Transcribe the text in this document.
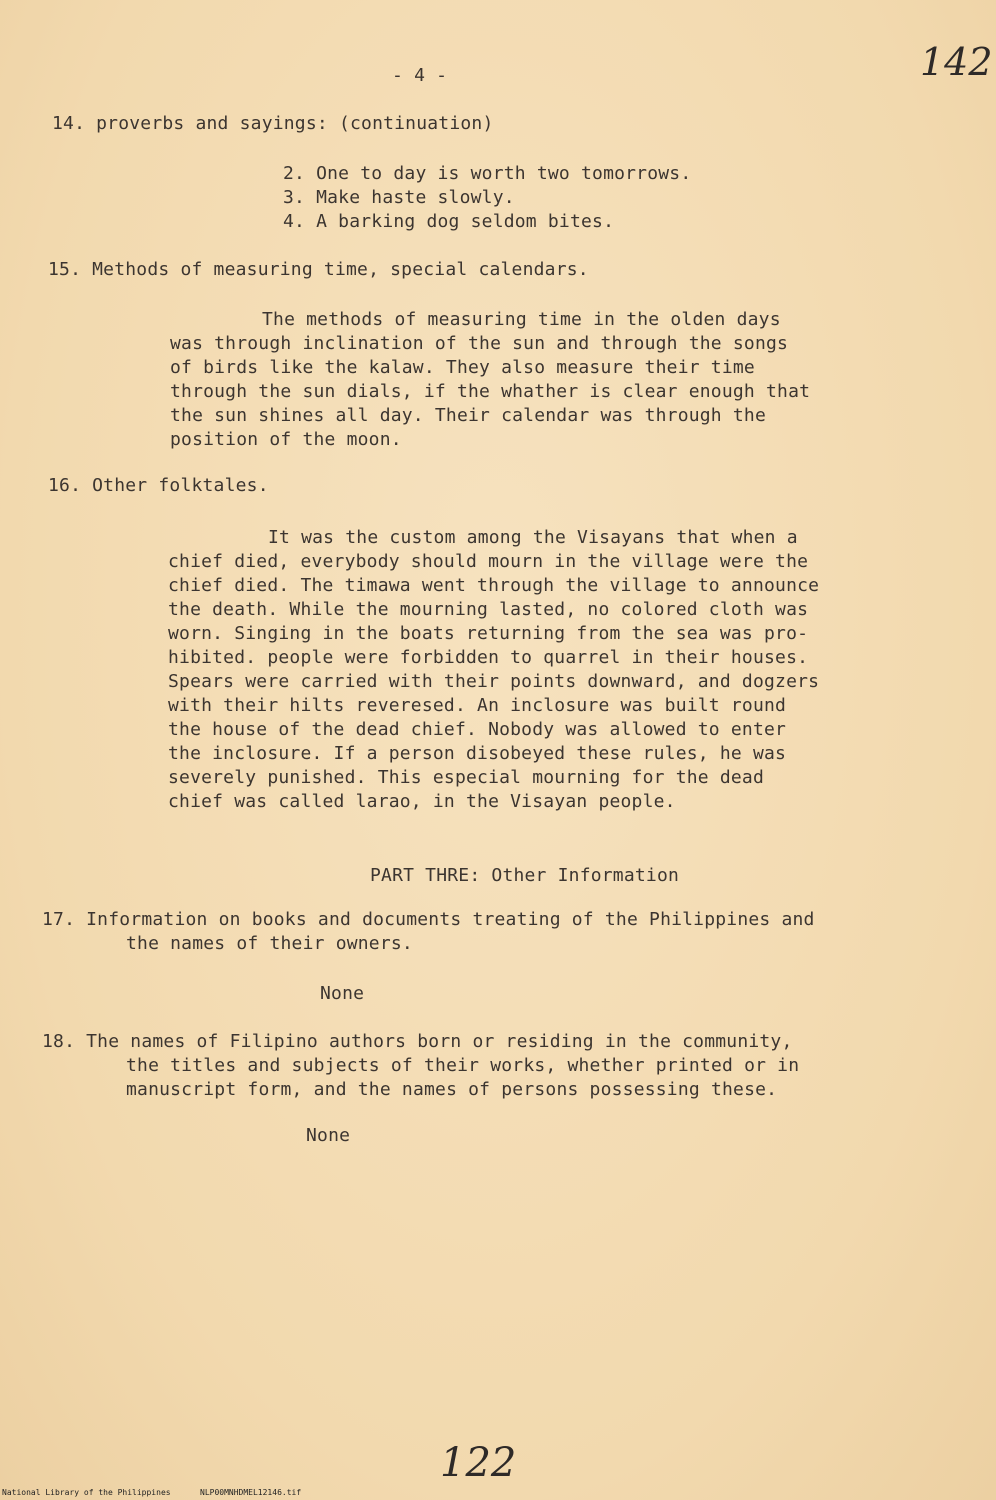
- 4 -	142
14. proverbs and sayings: (continuation)
2. One to day is worth two tomorrows.
3. Make haste slowly.
4. A barking dog seldom bites.
15. Methods of measuring time, special calendars.
The methods of measuring time in the olden days
was through inclination of the sun and through the songs
of birds like the kalaw. They also measure their time
through the sun dials, if the whather is clear enough that
the sun shines all day. Their calendar was through the
position of the moon.
16. Other folktales.
It was the custom among the Visayans that when a
chief died, everybody should mourn in the village were the
chief died. The timawa went through the village to announce
the death. While the mourning lasted, no colored cloth was
worn. Singing in the boats returning from the sea was pro-
hibited. people were forbidden to quarrel in their houses.
Spears were carried with their points downward, and dogzers
with their hilts reveresed. An inclosure was built round
the house of the dead chief. Nobody was allowed to enter
the inclosure. If a person disobeyed these rules, he was
severely punished. This especial mourning for the dead
chief was called larao, in the Visayan people.
PART THRE: Other Information
17. Information on books and documents treating of the Philippines and
the names of their owners.
None
18. The names of Filipino authors born or residing in the community,
the titles and subjects of their works, whether printed or in
manuscript form, and the names of persons possessing these.
None
122
National Library of the Philippines	NLP00MNHDMEL12146.tif
